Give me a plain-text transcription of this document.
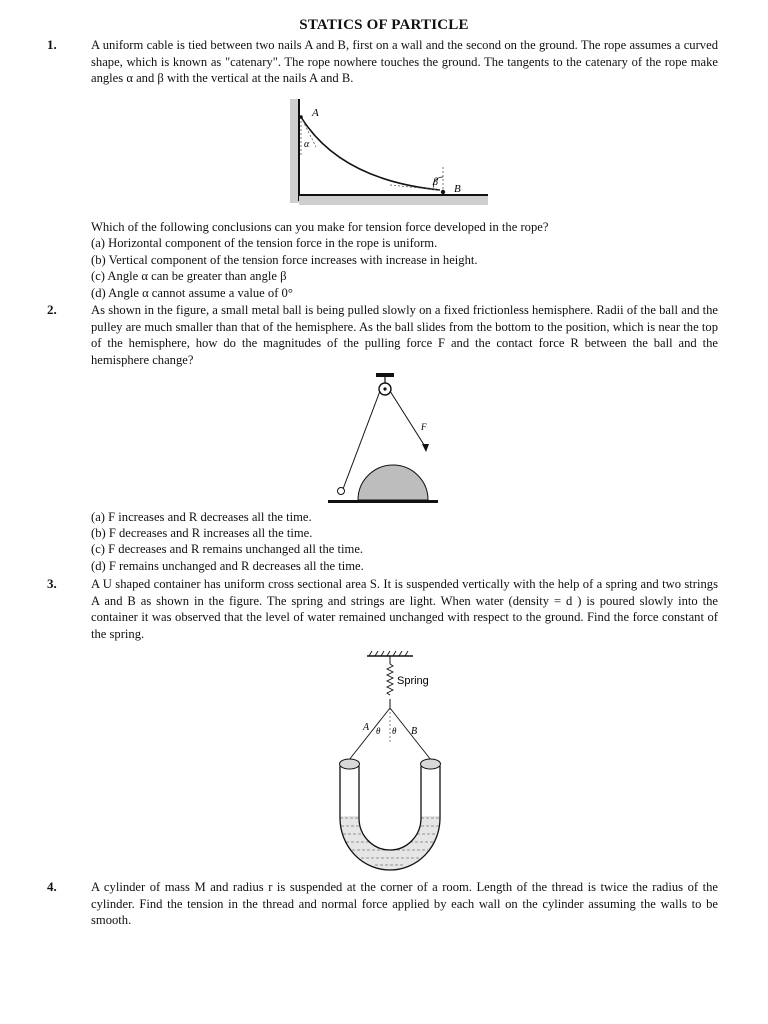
STATICS OF PARTICLE
1.	A uniform cable is tied between two nails A and B, first on a wall and the second on the ground. The rope assumes a curved shape, which is known as "catenary". The rope nowhere touches the ground. The tangents to the catenary of the rope make angles α and β with the vertical at the nails A and B.
A
α
β
B
Which of the following conclusions can you make for tension force developed in the rope?
(a) Horizontal component of the tension force in the rope is uniform.
(b) Vertical component of the tension force increases with increase in height.
(c) Angle α can be greater than angle β
(d) Angle α cannot assume a value of 0°
2.	As shown in the figure, a small metal ball is being pulled slowly on a fixed frictionless hemisphere. Radii of the ball and the pulley are much smaller than that of the hemisphere. As the ball slides from the bottom to the position, which is near the top of the hemisphere, how do the magnitudes of the pulling force F and the contact force R between the ball and the hemisphere change?
F
(a) F increases and R decreases all the time.
(b) F decreases and R increases all the time.
(c) F decreases and R remains unchanged all the time.
(d) F remains unchanged and R decreases all the time.
3.	A U shaped container has uniform cross sectional area S. It is suspended vertically with the help of a spring and two strings A and B as shown in the figure. The spring and strings are light. When water (density = d ) is poured slowly into the container it was observed that the level of water remained unchanged with respect to the ground. Find the force constant of the spring.
Spring
A θ θ B
4.	A cylinder of mass M and radius r is suspended at the corner of a room. Length of the thread is twice the radius of the cylinder. Find the tension in the thread and normal force applied by each wall on the cylinder assuming the walls to be smooth.
